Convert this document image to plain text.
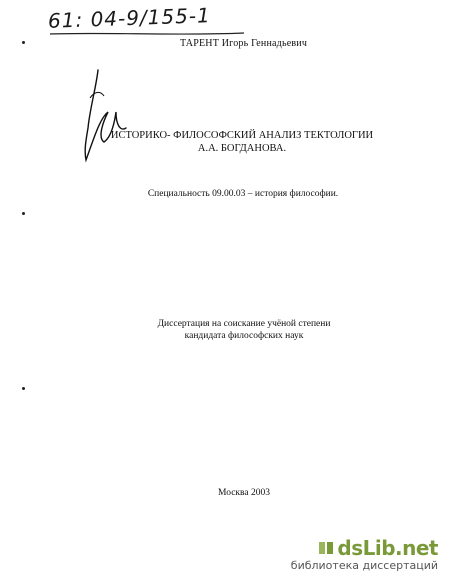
61: 04-9/155-1
ТАРЕНТ Игорь Геннадьевич
ИСТОРИКО- ФИЛОСОФСКИЙ АНАЛИЗ ТЕКТОЛОГИИ
А.А. БОГДАНОВА.
Специальность 09.00.03 – история философии.
Диссертация на соискание учёной степени
кандидата философских наук
Москва 2003
dsLib.net
библиотека диссертаций
